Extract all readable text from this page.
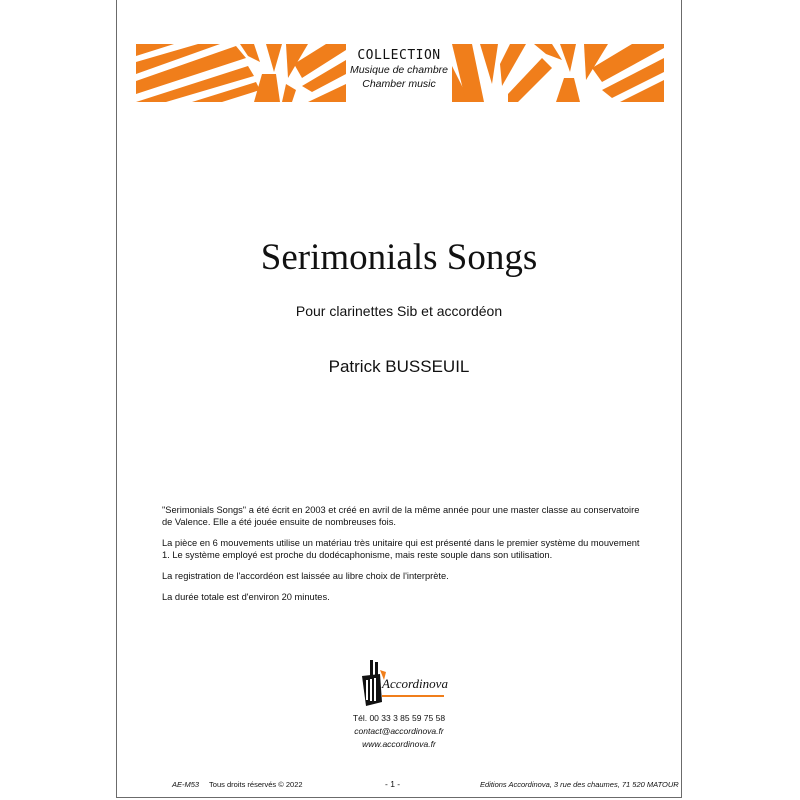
COLLECTION
Musique de chambre
Chamber music
Serimonials Songs
Pour clarinettes Sib et accordéon
Patrick BUSSEUIL

"Serimonials Songs" a été écrit en 2003 et créé en avril de la même année pour une master classe au conservatoire de Valence. Elle a été jouée ensuite de nombreuses fois.

La pièce en 6 mouvements utilise un matériau très unitaire qui est présenté dans le premier système du mouvement 1. Le système employé est proche du dodécaphonisme, mais reste souple dans son utilisation.

La registration de l'accordéon est laissée au libre choix de l'interprète.

La durée totale est d'environ 20 minutes.

Accordinova
Tél. 00 33 3 85 59 75 58
contact@accordinova.fr
www.accordinova.fr
AE-M53 Tous droits réservés © 2022	- 1 -	Editions Accordinova, 3 rue des chaumes, 71 520 MATOUR
